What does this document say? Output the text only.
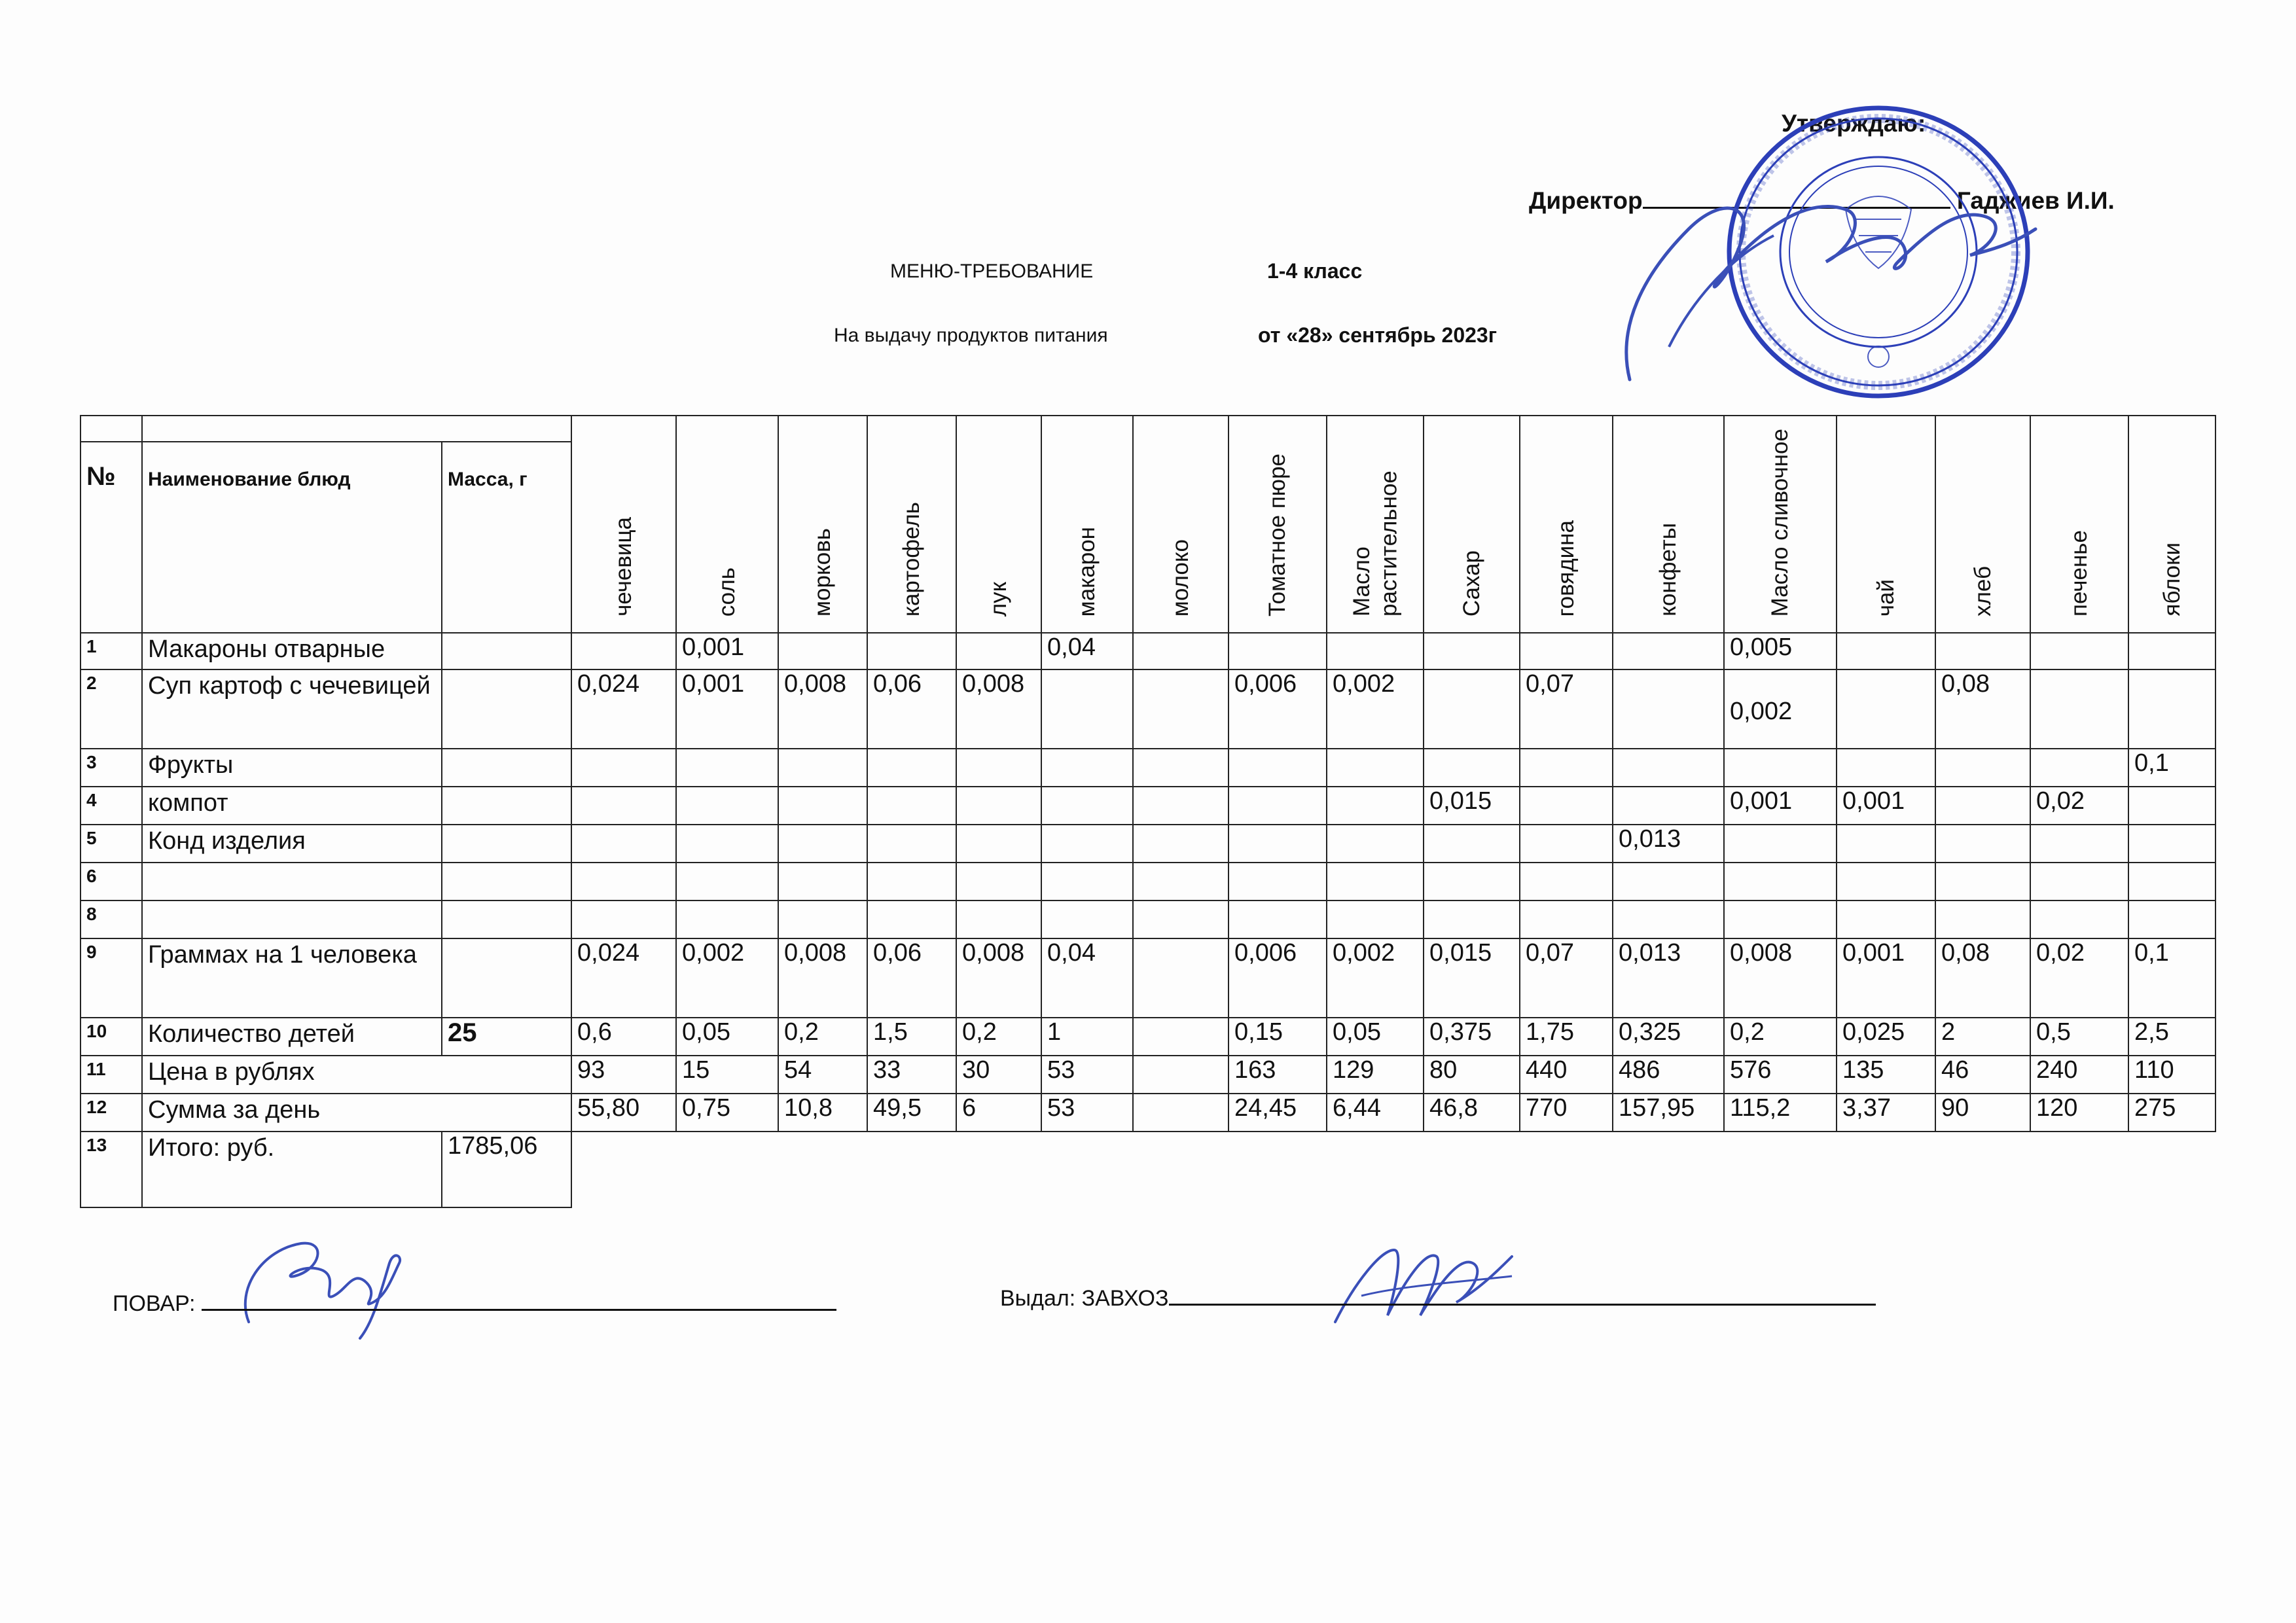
Утверждаю:
Директор	Гаджиев И.И.
МЕНЮ-ТРЕБОВАНИЕ	1-4 класс
На выдачу продуктов питания	от «28» сентябрь 2023г
			чечевица	соль	морковь	картофель	лук	макарон	молоко	Томатное пюре	Масло растительное	Сахар	говядина	конфеты	Масло сливочное	чай	хлеб	печенье	яблоки
№	Наименование блюд	Масса, г																	
1	Макароны отварные			0,001				0,04							0,005				
2	Суп картоф с чечевицей		0,024	0,001	0,008	0,06	0,008			0,006	0,002		0,07		0,002		0,08		
3	Фрукты																		0,1
4	компот											0,015			0,001	0,001		0,02	
5	Конд изделия													0,013					
6																			
8																			
9	Граммах на 1 человека		0,024	0,002	0,008	0,06	0,008	0,04		0,006	0,002	0,015	0,07	0,013	0,008	0,001	0,08	0,02	0,1
10	Количество детей	25	0,6	0,05	0,2	1,5	0,2	1		0,15	0,05	0,375	1,75	0,325	0,2	0,025	2	0,5	2,5
11	Цена в рублях		93	15	54	33	30	53		163	129	80	440	486	576	135	46	240	110
12	Сумма за день		55,80	0,75	10,8	49,5	6	53		24,45	6,44	46,8	770	157,95	115,2	3,37	90	120	275
13	Итого: руб.	1785,06																	
ПОВАР:	Выдал: ЗАВХОЗ
